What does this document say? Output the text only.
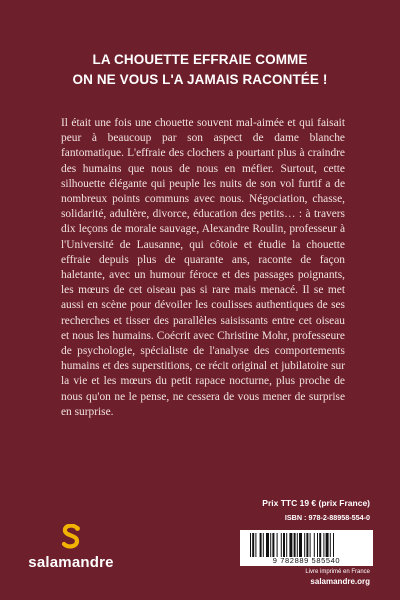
LA CHOUETTE EFFRAIE COMME
ON NE VOUS L'A JAMAIS RACONTÉE !
Il était une fois une chouette souvent mal-aimée et qui faisait peur à beaucoup par son aspect de dame blanche fantomatique. L'effraie des clochers a pourtant plus à craindre des humains que nous de nous en méfier. Surtout, cette silhouette élégante qui peuple les nuits de son vol furtif a de nombreux points communs avec nous. Négociation, chasse, solidarité, adultère, divorce, éducation des petits… : à travers dix leçons de morale sauvage, Alexandre Roulin, professeur à l'Université de Lausanne, qui côtoie et étudie la chouette effraie depuis plus de quarante ans, raconte de façon haletante, avec un humour féroce et des passages poignants, les mœurs de cet oiseau pas si rare mais menacé. Il se met aussi en scène pour dévoiler les coulisses authentiques de ses recherches et tisser des parallèles saisissants entre cet oiseau et nous les humains. Coécrit avec Christine Mohr, professeure de psychologie, spécialiste de l'analyse des comportements humains et des superstitions, ce récit original et jubilatoire sur la vie et les mœurs du petit rapace nocturne, plus proche de nous qu'on ne le pense, ne cessera de vous mener de surprise en surprise.
Prix TTC 19 € (prix France)
ISBN : 978-2-88958-554-0
salamandre	9 782889 585540
Livre imprimé en France
salamandre.org
